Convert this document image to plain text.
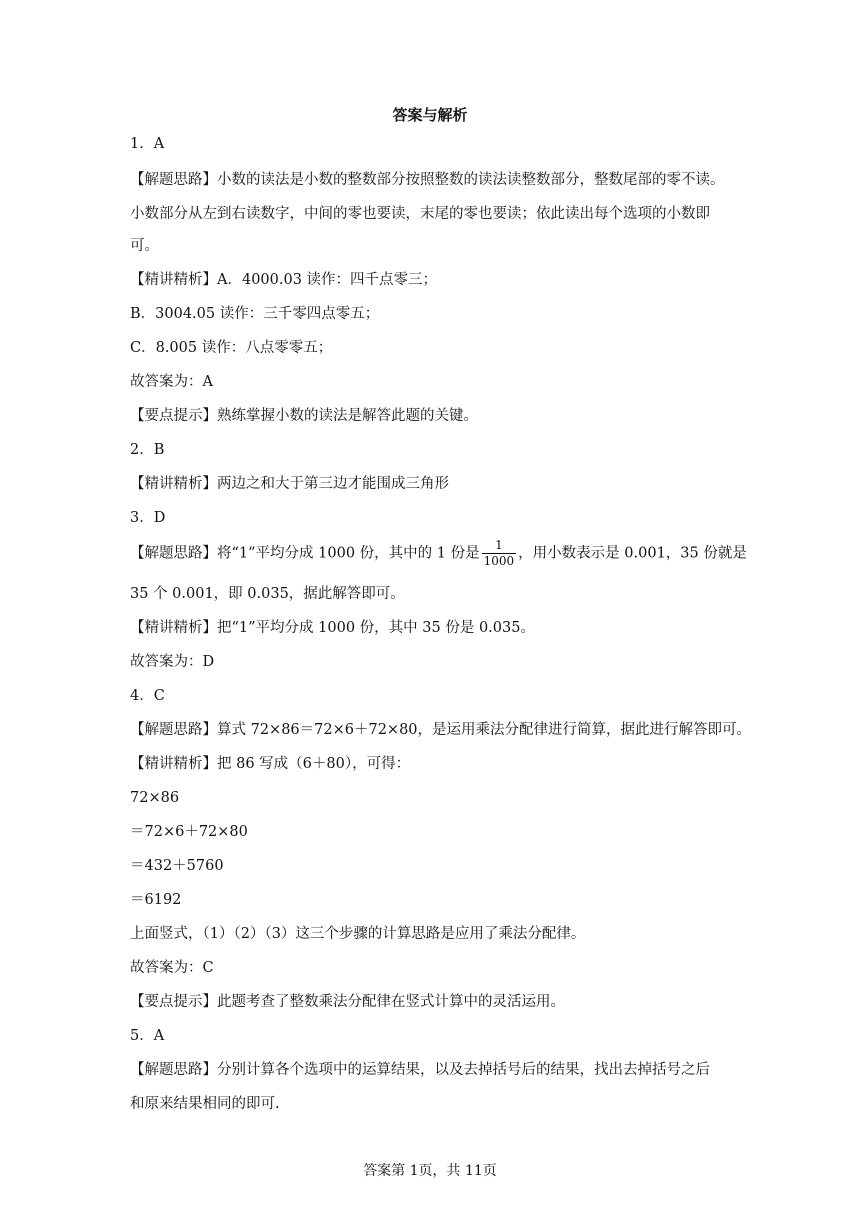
答案与解析
1．A
【解题思路】小数的读法是小数的整数部分按照整数的读法读整数部分，整数尾部的零不读。
小数部分从左到右读数字，中间的零也要读，末尾的零也要读；依此读出每个选项的小数即
可。
【精讲精析】A．4000.03 读作：四千点零三；
B．3004.05 读作：三千零四点零五；
C．8.005 读作：八点零零五；
故答案为：A
【要点提示】熟练掌握小数的读法是解答此题的关键。
2．B
【精讲精析】两边之和大于第三边才能围成三角形
3．D
【解题思路】将“1”平均分成 1000 份，其中的 1 份是 $\frac{1}{1000}$ ，用小数表示是 0.001，35 份就是
35 个 0.001，即 0.035，据此解答即可。
【精讲精析】把“1”平均分成 1000 份，其中 35 份是 0.035。
故答案为：D
4．C
【解题思路】算式 72×86＝72×6＋72×80，是运用乘法分配律进行简算，据此进行解答即可。
【精讲精析】把 86 写成（6＋80），可得：
72×86
＝72×6＋72×80
＝432＋5760
＝6192
上面竖式，（1）（2）（3）这三个步骤的计算思路是应用了乘法分配律。
故答案为：C
【要点提示】此题考查了整数乘法分配律在竖式计算中的灵活运用。
5．A
【解题思路】分别计算各个选项中的运算结果，以及去掉括号后的结果，找出去掉括号之后
和原来结果相同的即可.
答案第 1页，共 11页
